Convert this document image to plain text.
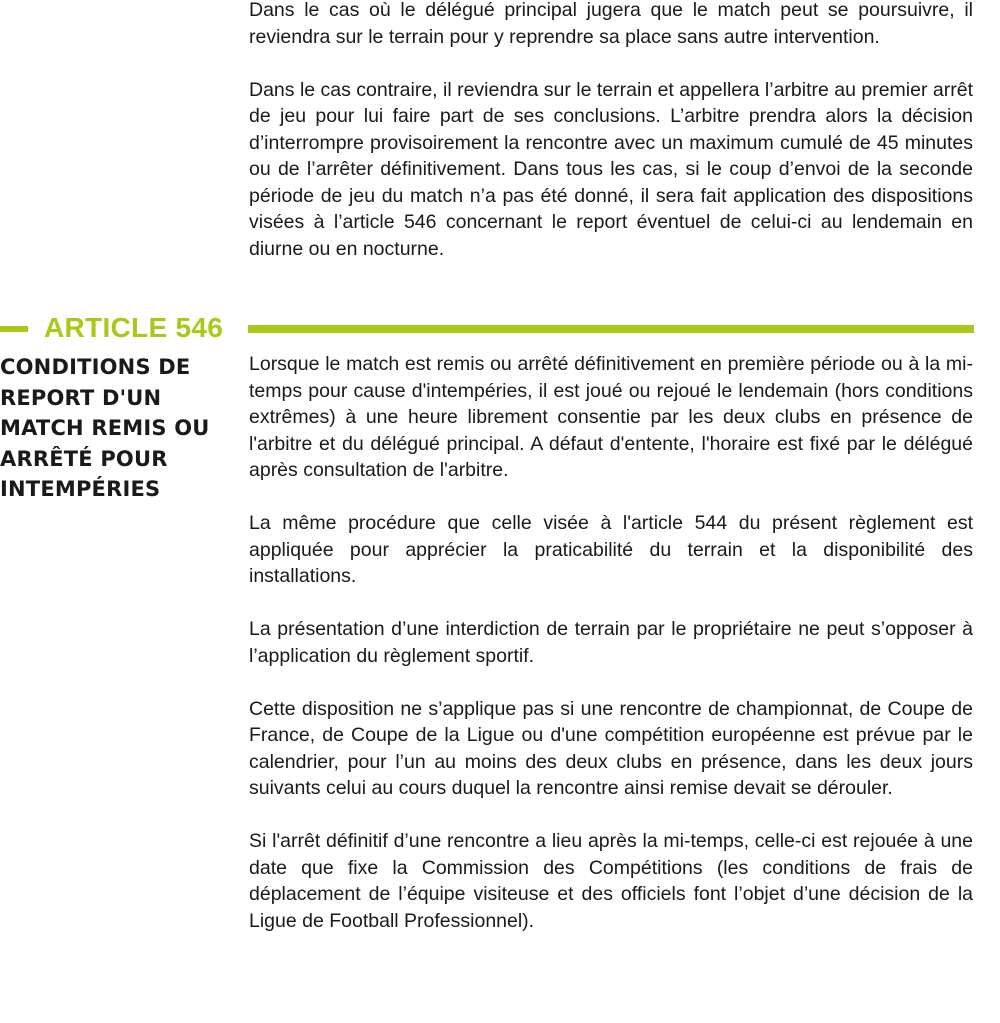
Dans le cas où le délégué principal jugera que le match peut se poursuivre, il reviendra sur le terrain pour y reprendre sa place sans autre intervention.

Dans le cas contraire, il reviendra sur le terrain et appellera l’arbitre au premier arrêt de jeu pour lui faire part de ses conclusions. L’arbitre prendra alors la décision d’interrompre provisoirement la rencontre avec un maximum cumulé de 45 minutes ou de l’arrêter définitivement. Dans tous les cas, si le coup d’envoi de la seconde période de jeu du match n’a pas été donné, il sera fait application des dispositions visées à l’article 546 concernant le report éventuel de celui-ci au lendemain en diurne ou en nocturne.

ARTICLE 546
CONDITIONS DE
REPORT D'UN
MATCH REMIS OU
ARRÊTÉ POUR
INTEMPÉRIES

Lorsque le match est remis ou arrêté définitivement en première période ou à la mi-temps pour cause d'intempéries, il est joué ou rejoué le lendemain (hors conditions extrêmes) à une heure librement consentie par les deux clubs en présence de l'arbitre et du délégué principal. A défaut d'entente, l'horaire est fixé par le délégué après consultation de l'arbitre.

La même procédure que celle visée à l'article 544 du présent règlement est appliquée pour apprécier la praticabilité du terrain et la disponibilité des installations.

La présentation d’une interdiction de terrain par le propriétaire ne peut s’opposer à l’application du règlement sportif.

Cette disposition ne s’applique pas si une rencontre de championnat, de Coupe de France, de Coupe de la Ligue ou d'une compétition européenne est prévue par le calendrier, pour l’un au moins des deux clubs en présence, dans les deux jours suivants celui au cours duquel la rencontre ainsi remise devait se dérouler.

Si l'arrêt définitif d’une rencontre a lieu après la mi-temps, celle-ci est rejouée à une date que fixe la Commission des Compétitions (les conditions de frais de déplacement de l’équipe visiteuse et des officiels font l’objet d’une décision de la Ligue de Football Professionnel).
